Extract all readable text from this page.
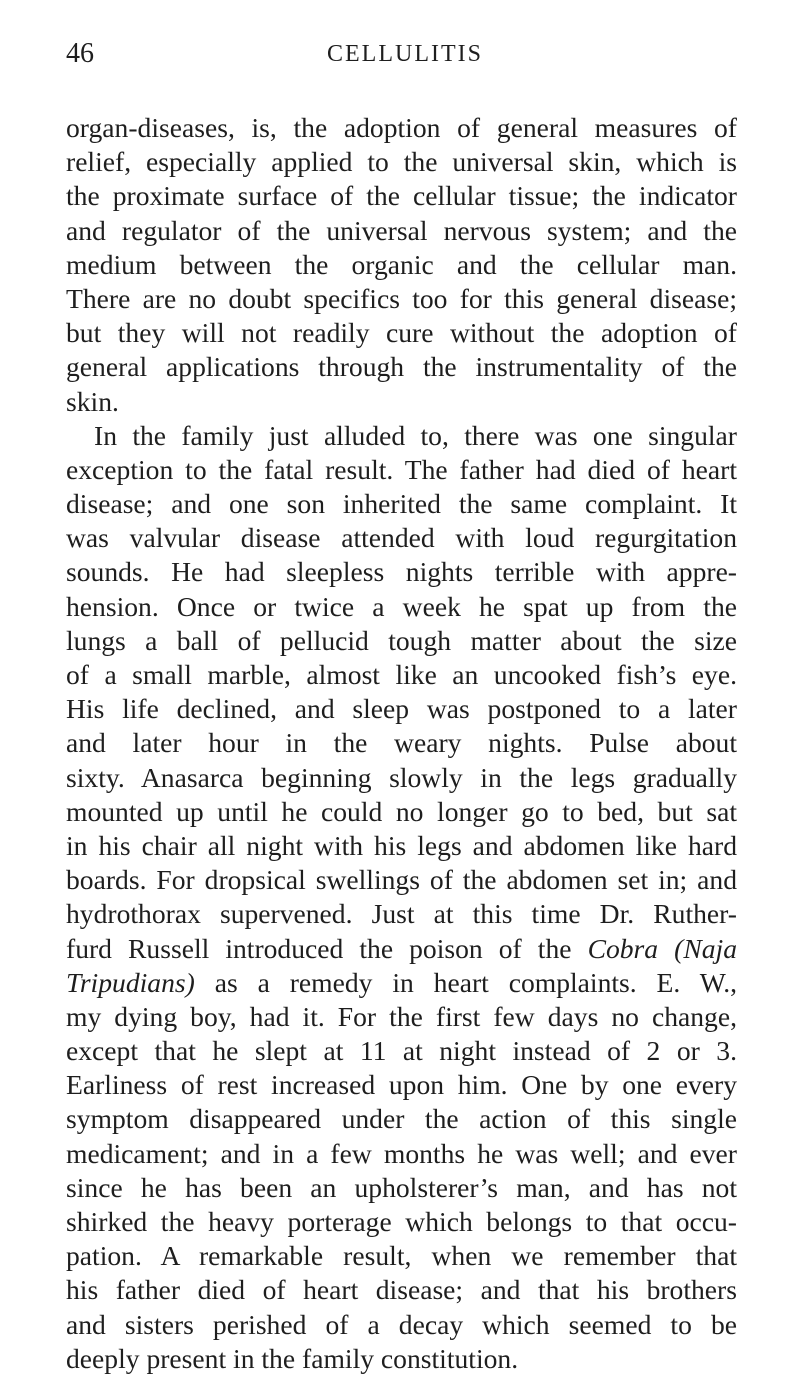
46	CELLULITIS
organ-diseases, is, the adoption of general measures of
relief, especially applied to the universal skin, which is
the proximate surface of the cellular tissue; the indicator
and regulator of the universal nervous system; and the
medium between the organic and the cellular man.
There are no doubt specifics too for this general disease;
but they will not readily cure without the adoption of
general applications through the instrumentality of the
skin.
In the family just alluded to, there was one singular
exception to the fatal result. The father had died of heart
disease; and one son inherited the same complaint. It
was valvular disease attended with loud regurgitation
sounds. He had sleepless nights terrible with appre-
hension. Once or twice a week he spat up from the
lungs a ball of pellucid tough matter about the size
of a small marble, almost like an uncooked fish’s eye.
His life declined, and sleep was postponed to a later
and later hour in the weary nights. Pulse about
sixty. Anasarca beginning slowly in the legs gradually
mounted up until he could no longer go to bed, but sat
in his chair all night with his legs and abdomen like hard
boards. For dropsical swellings of the abdomen set in; and
hydrothorax supervened. Just at this time Dr. Ruther-
furd Russell introduced the poison of the Cobra (Naja
Tripudians) as a remedy in heart complaints. E. W.,
my dying boy, had it. For the first few days no change,
except that he slept at 11 at night instead of 2 or 3.
Earliness of rest increased upon him. One by one every
symptom disappeared under the action of this single
medicament; and in a few months he was well; and ever
since he has been an upholsterer’s man, and has not
shirked the heavy porterage which belongs to that occu-
pation. A remarkable result, when we remember that
his father died of heart disease; and that his brothers
and sisters perished of a decay which seemed to be
deeply present in the family constitution.
